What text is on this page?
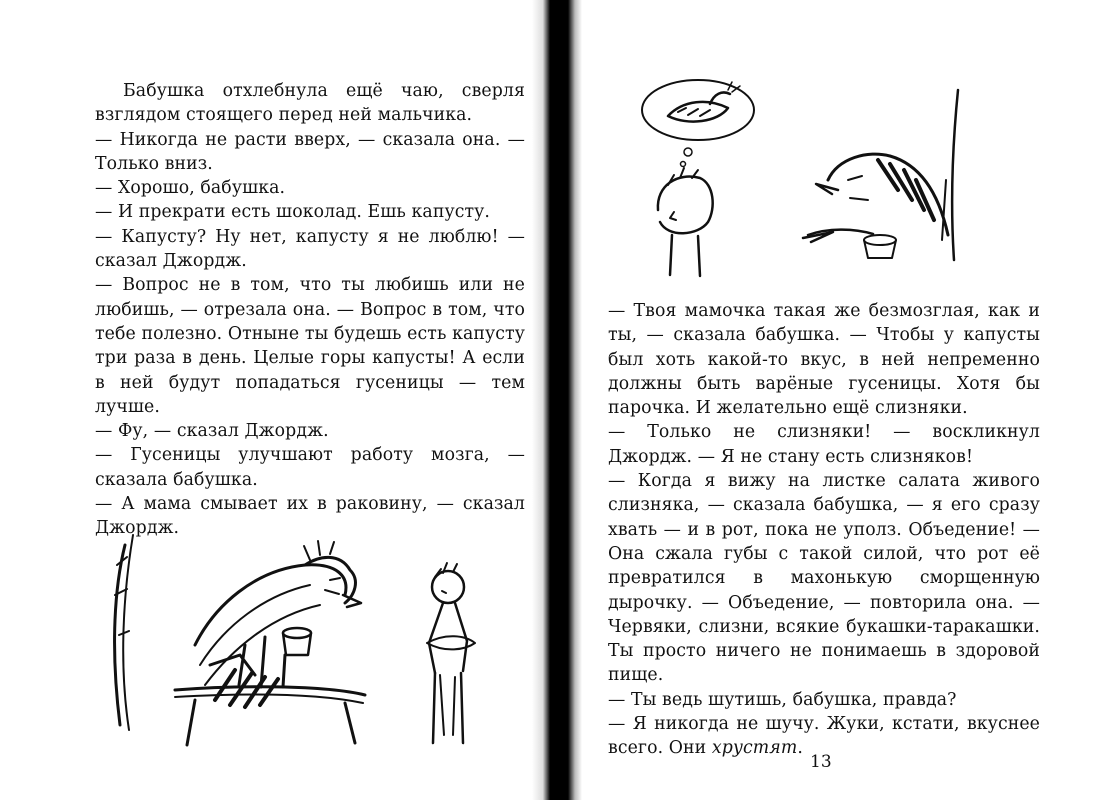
Бабушка отхлебнула ещё чаю, сверля взглядом стоящего перед ней мальчика.

— Никогда не расти вверх, — сказала она. — Только вниз.

— Хорошо, бабушка.

— И прекрати есть шоколад. Ешь капусту.

— Капусту? Ну нет, капусту я не люблю! — сказал Джордж.

— Вопрос не в том, что ты любишь или не любишь, — отрезала она. — Вопрос в том, что тебе полезно. Отныне ты будешь есть капусту три раза в день. Целые горы капусты! А если в ней будут попадаться гусеницы — тем лучше.

— Фу, — сказал Джордж.

— Гусеницы улучшают работу мозга, — сказала бабушка.

— А мама смывает их в раковину, — сказал Джордж.

— Твоя мамочка такая же безмозглая, как и ты, — сказала бабушка. — Чтобы у капусты был хоть какой-то вкус, в ней непременно должны быть варёные гусеницы. Хотя бы парочка. И желательно ещё слизняки.

— Только не слизняки! — воскликнул Джордж. — Я не стану есть слизняков!

— Когда я вижу на листке салата живого слизняка, — сказала бабушка, — я его сразу хвать — и в рот, пока не уполз. Объедение! — Она сжала губы с такой силой, что рот её превратился в махонькую сморщенную дырочку. — Объедение, — повторила она. — Червяки, слизни, всякие букашки-таракашки. Ты просто ничего не понимаешь в здоровой пище.

— Ты ведь шутишь, бабушка, правда?

— Я никогда не шучу. Жуки, кстати, вкуснее всего. Они хрустят.

13
